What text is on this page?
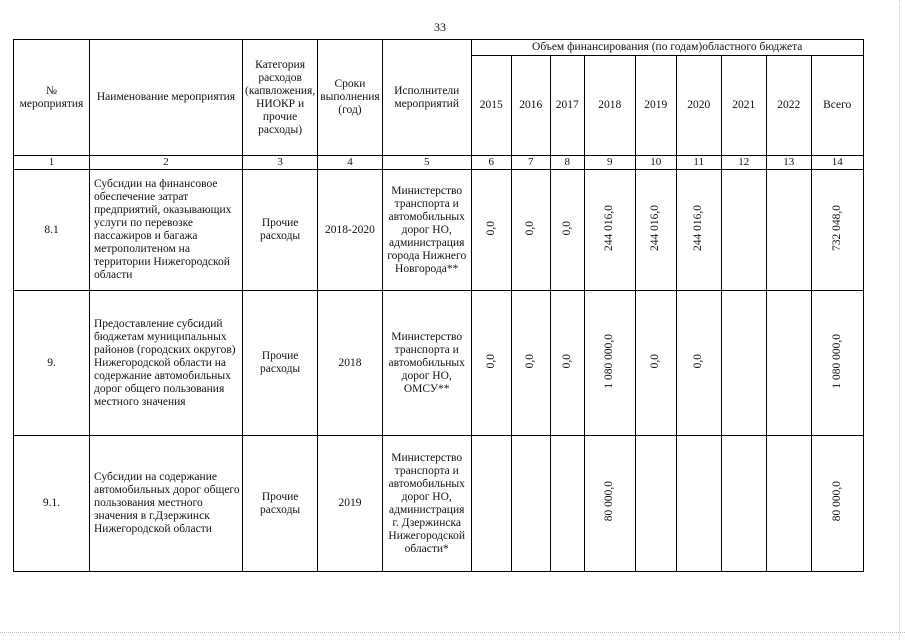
33
№ мероприятия	Наименование мероприятия	Категория расходов (капвложения, НИОКР и прочие расходы)	Сроки выполнения (год)	Исполнители мероприятий	Объем финансирования (по годам)областного бюджета								
					2015	2016	2017	2018	2019	2020	2021	2022	Всего
1	2	3	4	5	6	7	8	9	10	11	12	13	14
8.1	Субсидии на финансовое обеспечение затрат предприятий, оказывающих услуги по перевозке пассажиров и багажа метрополитеном на территории Нижегородской области	Прочие расходы	2018-2020	Министерство транспорта и автомобильных дорог НО, администрация города Нижнего Новгорода**	0,0	0,0	0,0	244 016,0	244 016,0	244 016,0			732 048,0
9.	Предоставление субсидий бюджетам муниципальных районов (городских округов) Нижегородской области на содержание автомобильных дорог общего пользования местного значения	Прочие расходы	2018	Министерство транспорта и автомобильных дорог НО, ОМСУ**	0,0	0,0	0,0	1 080 000,0	0,0	0,0			1 080 000,0
9.1.	Субсидии на содержание автомобильных дорог общего пользования местного значения в г.Дзержинск Нижегородской области	Прочие расходы	2019	Министерство транспорта и автомобильных дорог НО, администрация г. Дзержинска Нижегородской области*				80 000,0					80 000,0
